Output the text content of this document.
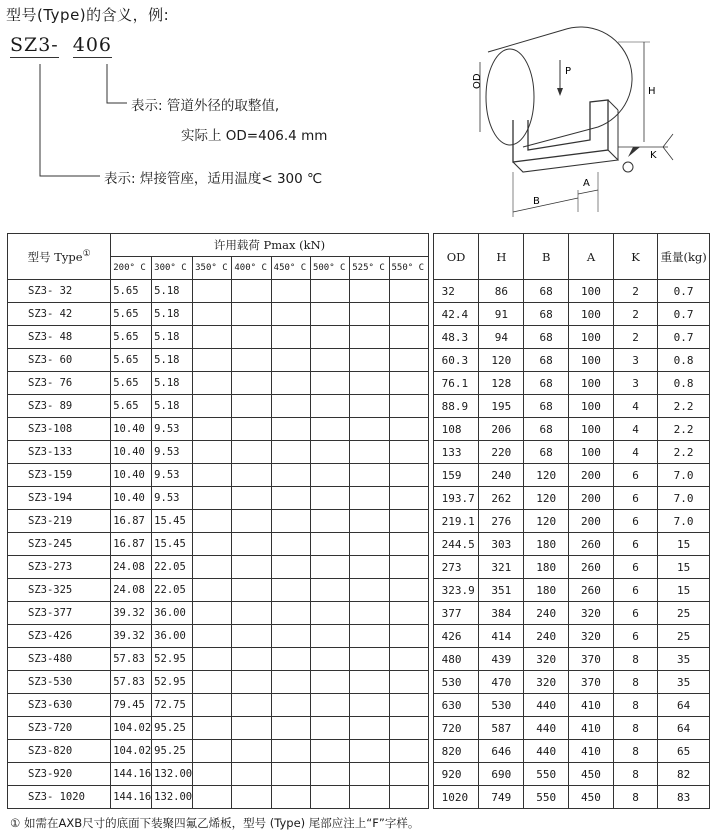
型号(Type)的含义，例:
SZ3- 406
表示: 管道外径的取整值,
实际上 OD=406.4 mm
表示: 焊接管座，适用温度< 300 ℃
OD
P
H
K
B
A
型号 Type①	许用载荷 Pmax (kN)									OD	H	B	A	K	重量(kg)
	200° C	300° C	350° C	400° C	450° C	500° C	525° C	550° C							
SZ3- 32	5.65	5.18								32	86	68	100	2	0.7
SZ3- 42	5.65	5.18								42.4	91	68	100	2	0.7
SZ3- 48	5.65	5.18								48.3	94	68	100	2	0.7
SZ3- 60	5.65	5.18								60.3	120	68	100	3	0.8
SZ3- 76	5.65	5.18								76.1	128	68	100	3	0.8
SZ3- 89	5.65	5.18								88.9	195	68	100	4	2.2
SZ3-108	10.40	9.53								108	206	68	100	4	2.2
SZ3-133	10.40	9.53								133	220	68	100	4	2.2
SZ3-159	10.40	9.53								159	240	120	200	6	7.0
SZ3-194	10.40	9.53								193.7	262	120	200	6	7.0
SZ3-219	16.87	15.45								219.1	276	120	200	6	7.0
SZ3-245	16.87	15.45								244.5	303	180	260	6	15
SZ3-273	24.08	22.05								273	321	180	260	6	15
SZ3-325	24.08	22.05								323.9	351	180	260	6	15
SZ3-377	39.32	36.00								377	384	240	320	6	25
SZ3-426	39.32	36.00								426	414	240	320	6	25
SZ3-480	57.83	52.95								480	439	320	370	8	35
SZ3-530	57.83	52.95								530	470	320	370	8	35
SZ3-630	79.45	72.75								630	530	440	410	8	64
SZ3-720	104.02	95.25								720	587	440	410	8	64
SZ3-820	104.02	95.25								820	646	440	410	8	65
SZ3-920	144.16	132.00								920	690	550	450	8	82
SZ3- 1020	144.16	132.00								1020	749	550	450	8	83
① 如需在AXB尺寸的底面下装聚四氟乙烯板，型号 (Type) 尾部应注上“F”字样。
